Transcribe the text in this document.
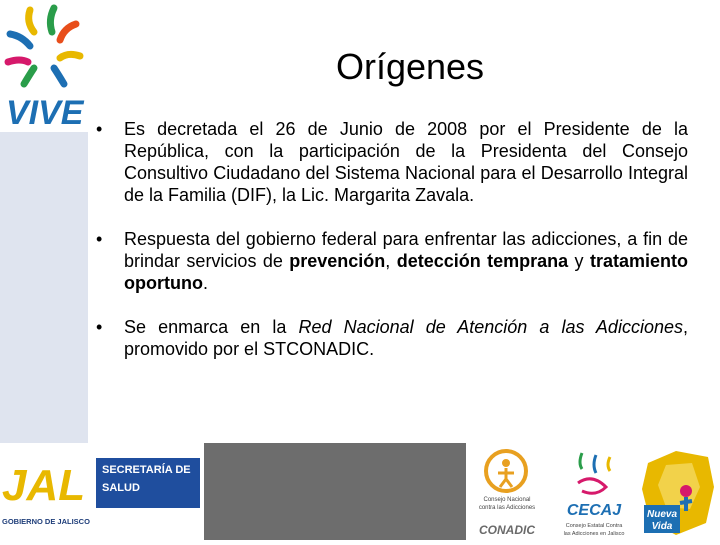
VIVE
Orígenes
•	Es decretada el 26 de Junio de 2008 por el Presidente de la República, con la participación de la Presidenta del Consejo Consultivo Ciudadano del Sistema Nacional para el Desarrollo Integral de la Familia (DIF), la Lic. Margarita Zavala.

•	Respuesta del gobierno federal para enfrentar las adicciones, a fin de brindar servicios de prevención, detección temprana y tratamiento oportuno.

•	Se enmarca en la Red Nacional de Atención a las Adicciones, promovido por el STCONADIC.

JAL
GOBIERNO DE JALISCO
SECRETARÍA DE
SALUD
Consejo Nacional
contra las Adicciones
CONADIC
CECAJ
Consejo Estatal Contra
las Adicciones en Jalisco
Nueva
Vida
